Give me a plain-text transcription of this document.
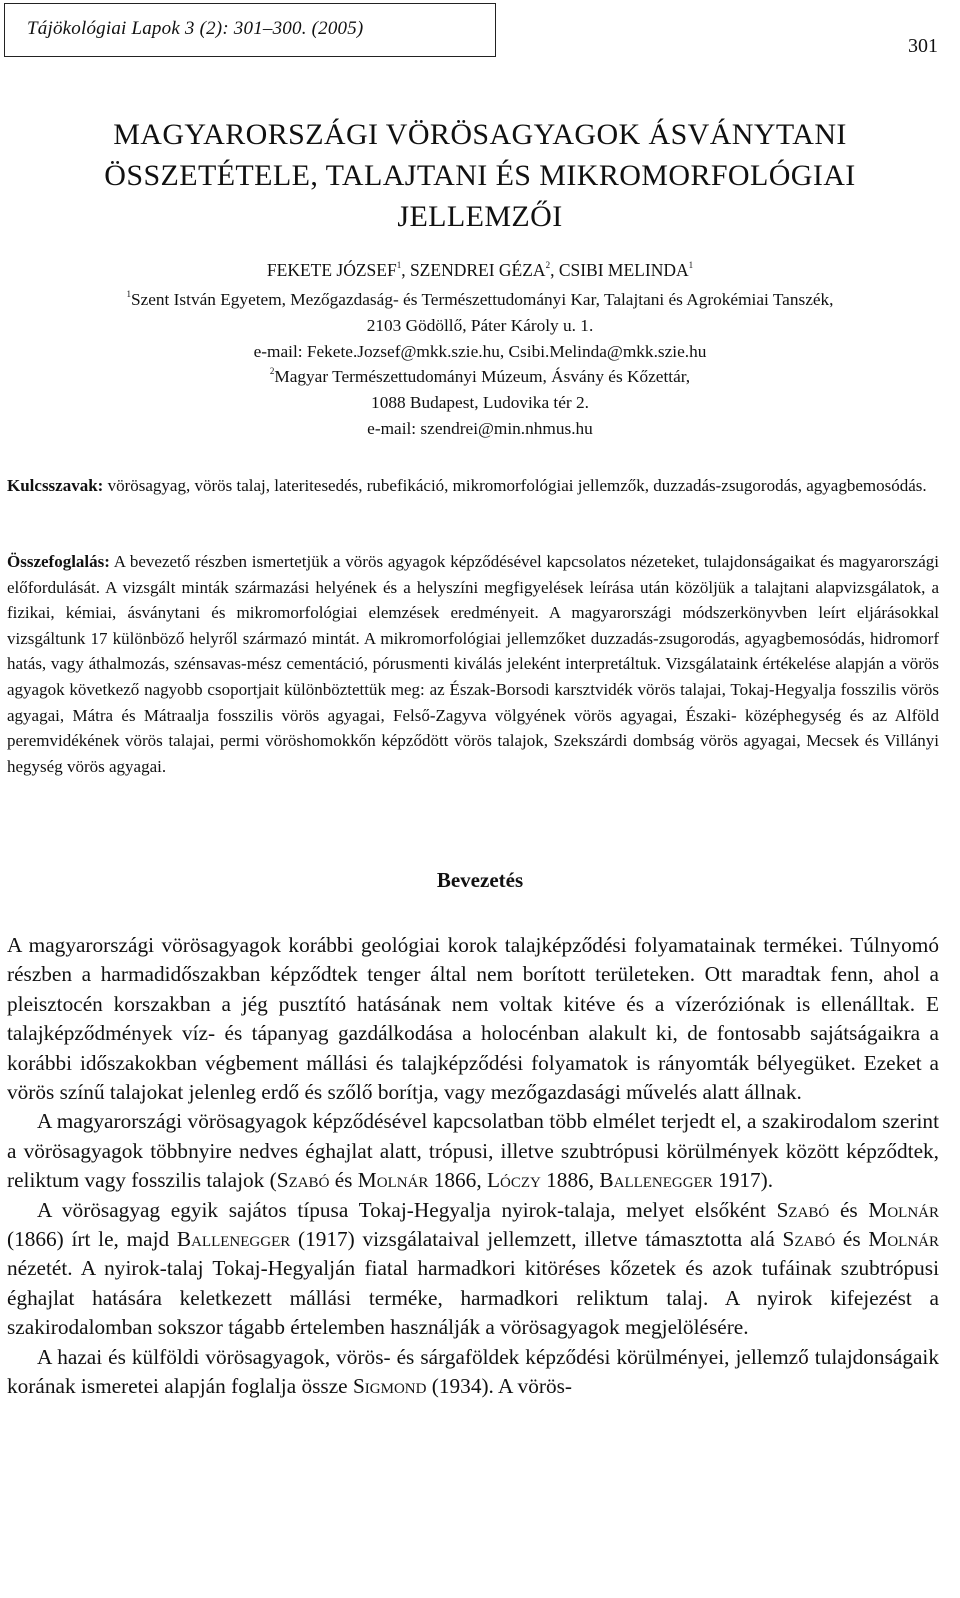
Tájökológiai Lapok 3 (2): 301–300. (2005)
301
MAGYARORSZÁGI VÖRÖSAGYAGOK ÁSVÁNYTANI
ÖSSZETÉTELE, TALAJTANI ÉS MIKROMORFOLÓGIAI
JELLEMZŐI
FEKETE JÓZSEF$^1$, SZENDREI GÉZA$^2$, CSIBI MELINDA$^1$
$^1$Szent István Egyetem, Mezőgazdaság- és Természettudományi Kar, Talajtani és Agrokémiai Tanszék,
2103 Gödöllő, Páter Károly u. 1.
e-mail: Fekete.Jozsef@mkk.szie.hu, Csibi.Melinda@mkk.szie.hu
$^2$Magyar Természettudományi Múzeum, Ásvány és Kőzettár,
1088 Budapest, Ludovika tér 2.
e-mail: szendrei@min.nhmus.hu
Kulcsszavak: vörösagyag, vörös talaj, lateritesedés, rubefikáció, mikromorfológiai jellemzők, duzzadás-zsugorodás, agyagbemosódás.
Összefoglalás: A bevezető részben ismertetjük a vörös agyagok képződésével kapcsolatos nézeteket, tulajdonságaikat és magyarországi előfordulását. A vizsgált minták származási helyének és a helyszíni megfigyelések leírása után közöljük a talajtani alapvizsgálatok, a fizikai, kémiai, ásványtani és mikromorfológiai elemzések eredményeit. A magyarországi módszerkönyvben leírt eljárásokkal vizsgáltunk 17 különböző helyről származó mintát. A mikromorfológiai jellemzőket duzzadás-zsugorodás, agyagbemosódás, hidromorf hatás, vagy áthalmozás, szénsavas-mész cementáció, pórusmenti kiválás jeleként interpretáltuk. Vizsgálataink értékelése alapján a vörös agyagok következő nagyobb csoportjait különböztettük meg: az Észak-Borsodi karsztvidék vörös talajai, Tokaj-Hegyalja fosszilis vörös agyagai, Mátra és Mátraalja fosszilis vörös agyagai, Felső-Zagyva völgyének vörös agyagai, Északi- középhegység és az Alföld peremvidékének vörös talajai, permi vöröshomokkőn képződött vörös talajok, Szekszárdi dombság vörös agyagai, Mecsek és Villányi hegység vörös agyagai.
Bevezetés

A magyarországi vörösagyagok korábbi geológiai korok talajképződési folyamatainak termékei. Túlnyomó részben a harmadidőszakban képződtek tenger által nem borított területeken. Ott maradtak fenn, ahol a pleisztocén korszakban a jég pusztító hatásának nem voltak kitéve és a vízeróziónak is ellenálltak. E talajképződmények víz- és tápanyag gazdálkodása a holocénban alakult ki, de fontosabb sajátságaikra a korábbi időszakokban végbement mállási és talajképződési folyamatok is rányomták bélyegüket. Ezeket a vörös színű talajokat jelenleg erdő és szőlő borítja, vagy mezőgazdasági művelés alatt állnak.

A magyarországi vörösagyagok képződésével kapcsolatban több elmélet terjedt el, a szakirodalom szerint a vörösagyagok többnyire nedves éghajlat alatt, trópusi, illetve szubtrópusi körülmények között képződtek, reliktum vagy fosszilis talajok (Szabó és Molnár 1866, Lóczy 1886, Ballenegger 1917).

A vörösagyag egyik sajátos típusa Tokaj-Hegyalja nyirok-talaja, melyet elsőként Szabó és Molnár (1866) írt le, majd Ballenegger (1917) vizsgálataival jellemzett, illetve támasztotta alá Szabó és Molnár nézetét. A nyirok-talaj Tokaj-Hegyalján fiatal harmadkori kitöréses kőzetek és azok tufáinak szubtrópusi éghajlat hatására keletkezett mállási terméke, harmadkori reliktum talaj. A nyirok kifejezést a szakirodalomban sokszor tágabb értelemben használják a vörösagyagok megjelölésére.

A hazai és külföldi vörösagyagok, vörös- és sárgaföldek képződési körülményei, jellemző tulajdonságaik korának ismeretei alapján foglalja össze Sigmond (1934). A vörös-
